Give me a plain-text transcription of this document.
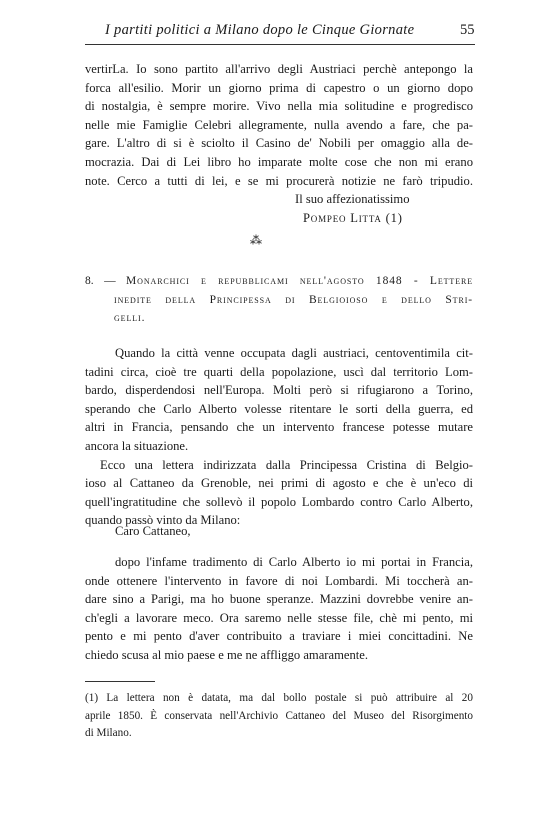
I partiti politici a Milano dopo le Cinque Giornate	55
vertirLa. Io sono partito all'arrivo degli Austriaci perchè antepongo la
forca all'esilio. Morir un giorno prima di capestro o un giorno dopo
di nostalgia, è sempre morire. Vivo nella mia solitudine e progredisco
nelle mie Famiglie Celebri allegramente, nulla avendo a fare, che pa-
gare. L'altro di si è sciolto il Casino de' Nobili per omaggio alla de-
mocrazia. Dai di Lei libro ho imparate molte cose che non mi erano
note. Cerco a tutti di lei, e se mi procurerà notizie ne farò tripudio.
Il suo affezionatissimo
Pompeo Litta (1)
⁂
8. — Monarchici e repubblicami nell'agosto 1848 - Lettere
inedite della Principessa di Belgioioso e dello Stri-
gelli.
Quando la città venne occupata dagli austriaci, centoventimila cit-
tadini circa, cioè tre quarti della popolazione, uscì dal territorio Lom-
bardo, disperdendosi nell'Europa. Molti però si rifugiarono a Torino,
sperando che Carlo Alberto volesse ritentare le sorti della guerra, ed
altri in Francia, pensando che un intervento francese potesse mutare
ancora la situazione.
Ecco una lettera indirizzata dalla Principessa Cristina di Belgio-
ioso al Cattaneo da Grenoble, nei primi di agosto e che è un'eco di
quell'ingratitudine che sollevò il popolo Lombardo contro Carlo Alberto,
quando passò vinto da Milano:
Caro Cattaneo,
dopo l'infame tradimento di Carlo Alberto io mi portai in Francia,
onde ottenere l'intervento in favore di noi Lombardi. Mi toccherà an-
dare sino a Parigi, ma ho buone speranze. Mazzini dovrebbe venire an-
ch'egli a lavorare meco. Ora saremo nelle stesse file, chè mi pento, mi
pento e mi pento d'aver contribuito a traviare i miei concittadini. Ne
chiedo scusa al mio paese e me ne affliggo amaramente.
(1) La lettera non è datata, ma dal bollo postale si può attribuire al 20
aprile 1850. È conservata nell'Archivio Cattaneo del Museo del Risorgimento
di Milano.
